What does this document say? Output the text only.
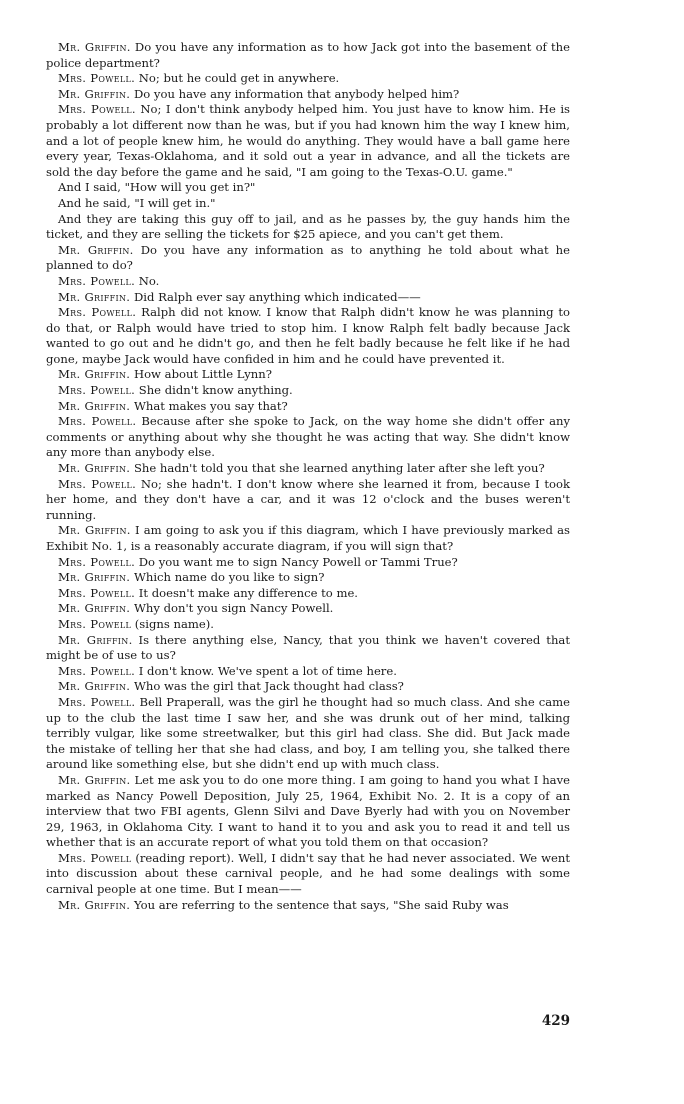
Mr. Griffin. Do you have any information as to how Jack got into the basement of the police department?

Mrs. Powell. No; but he could get in anywhere.

Mr. Griffin. Do you have any information that anybody helped him?

Mrs. Powell. No; I don't think anybody helped him. You just have to know him. He is probably a lot different now than he was, but if you had known him the way I knew him, and a lot of people knew him, he would do anything. They would have a ball game here every year, Texas-Oklahoma, and it sold out a year in advance, and all the tickets are sold the day before the game and he said, "I am going to the Texas-O.U. game."

And I said, "How will you get in?"

And he said, "I will get in."

And they are taking this guy off to jail, and as he passes by, the guy hands him the ticket, and they are selling the tickets for $25 apiece, and you can't get them.

Mr. Griffin. Do you have any information as to anything he told about what he planned to do?

Mrs. Powell. No.

Mr. Griffin. Did Ralph ever say anything which indicated——

Mrs. Powell. Ralph did not know. I know that Ralph didn't know he was planning to do that, or Ralph would have tried to stop him. I know Ralph felt badly because Jack wanted to go out and he didn't go, and then he felt badly because he felt like if he had gone, maybe Jack would have confided in him and he could have prevented it.

Mr. Griffin. How about Little Lynn?

Mrs. Powell. She didn't know anything.

Mr. Griffin. What makes you say that?

Mrs. Powell. Because after she spoke to Jack, on the way home she didn't offer any comments or anything about why she thought he was acting that way. She didn't know any more than anybody else.

Mr. Griffin. She hadn't told you that she learned anything later after she left you?

Mrs. Powell. No; she hadn't. I don't know where she learned it from, because I took her home, and they don't have a car, and it was 12 o'clock and the buses weren't running.

Mr. Griffin. I am going to ask you if this diagram, which I have previously marked as Exhibit No. 1, is a reasonably accurate diagram, if you will sign that?

Mrs. Powell. Do you want me to sign Nancy Powell or Tammi True?

Mr. Griffin. Which name do you like to sign?

Mrs. Powell. It doesn't make any difference to me.

Mr. Griffin. Why don't you sign Nancy Powell.

Mrs. Powell (signs name).

Mr. Griffin. Is there anything else, Nancy, that you think we haven't covered that might be of use to us?

Mrs. Powell. I don't know. We've spent a lot of time here.

Mr. Griffin. Who was the girl that Jack thought had class?

Mrs. Powell. Bell Praperall, was the girl he thought had so much class. And she came up to the club the last time I saw her, and she was drunk out of her mind, talking terribly vulgar, like some streetwalker, but this girl had class. She did. But Jack made the mistake of telling her that she had class, and boy, I am telling you, she talked there around like something else, but she didn't end up with much class.

Mr. Griffin. Let me ask you to do one more thing. I am going to hand you what I have marked as Nancy Powell Deposition, July 25, 1964, Exhibit No. 2. It is a copy of an interview that two FBI agents, Glenn Silvi and Dave Byerly had with you on November 29, 1963, in Oklahoma City. I want to hand it to you and ask you to read it and tell us whether that is an accurate report of what you told them on that occasion?

Mrs. Powell (reading report). Well, I didn't say that he had never associated. We went into discussion about these carnival people, and he had some dealings with some carnival people at one time. But I mean——

Mr. Griffin. You are referring to the sentence that says, "She said Ruby was

429
